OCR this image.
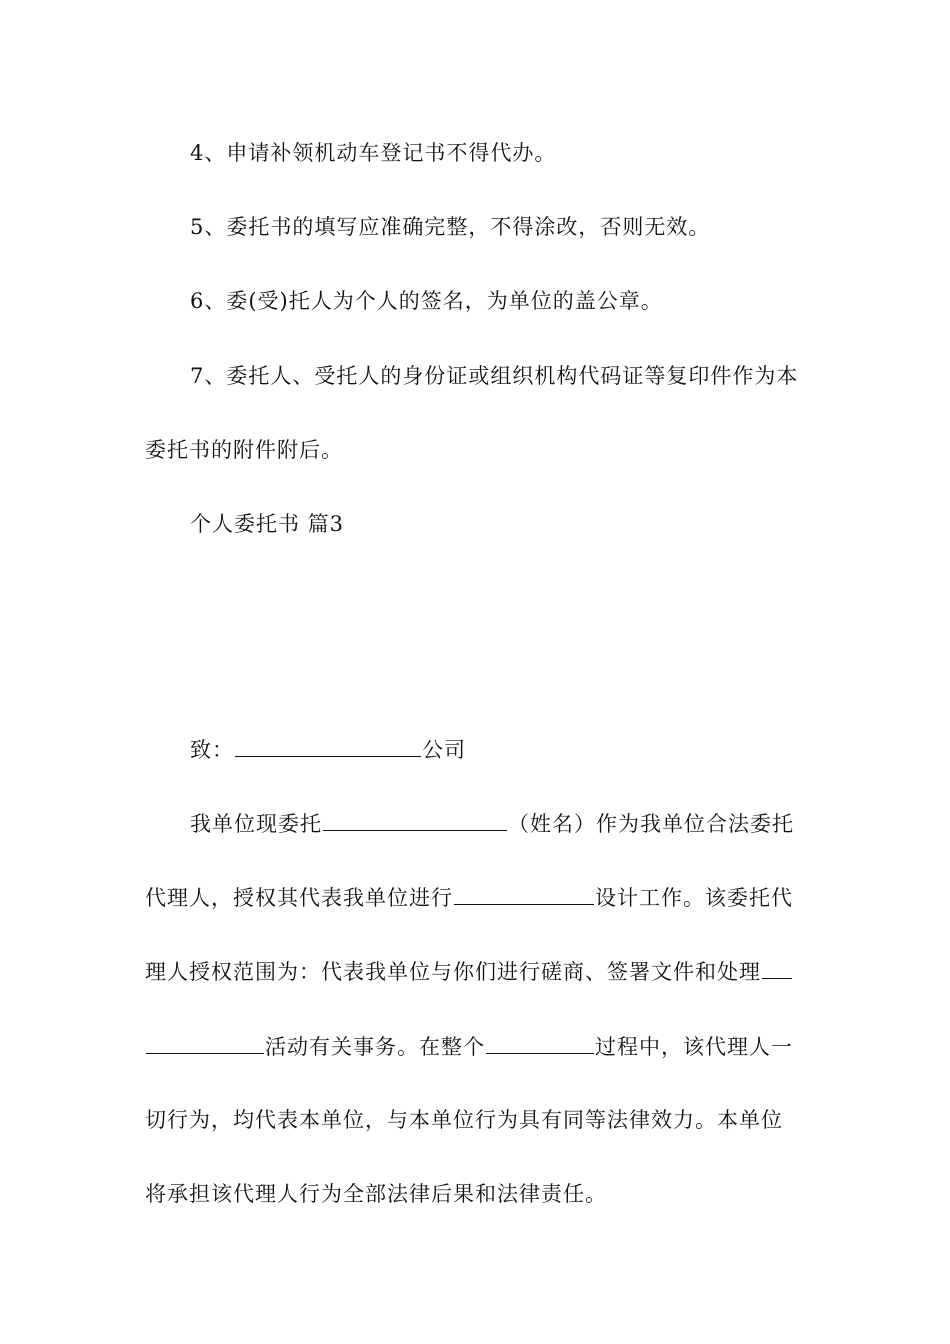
4、申请补领机动车登记书不得代办。
5、委托书的填写应准确完整，不得涂改，否则无效。
6、委(受)托人为个人的签名，为单位的盖公章。
7、委托人、受托人的身份证或组织机构代码证等复印件作为本
委托书的附件附后。
个人委托书 篇3
致：	公司
我单位现委托	（姓名）作为我单位合法委托
代理人，授权其代表我单位进行	设计工作。该委托代
理人授权范围为：代表我单位与你们进行磋商、签署文件和处理
活动有关事务。在整个	过程中，该代理人一
切行为，均代表本单位，与本单位行为具有同等法律效力。本单位
将承担该代理人行为全部法律后果和法律责任。
